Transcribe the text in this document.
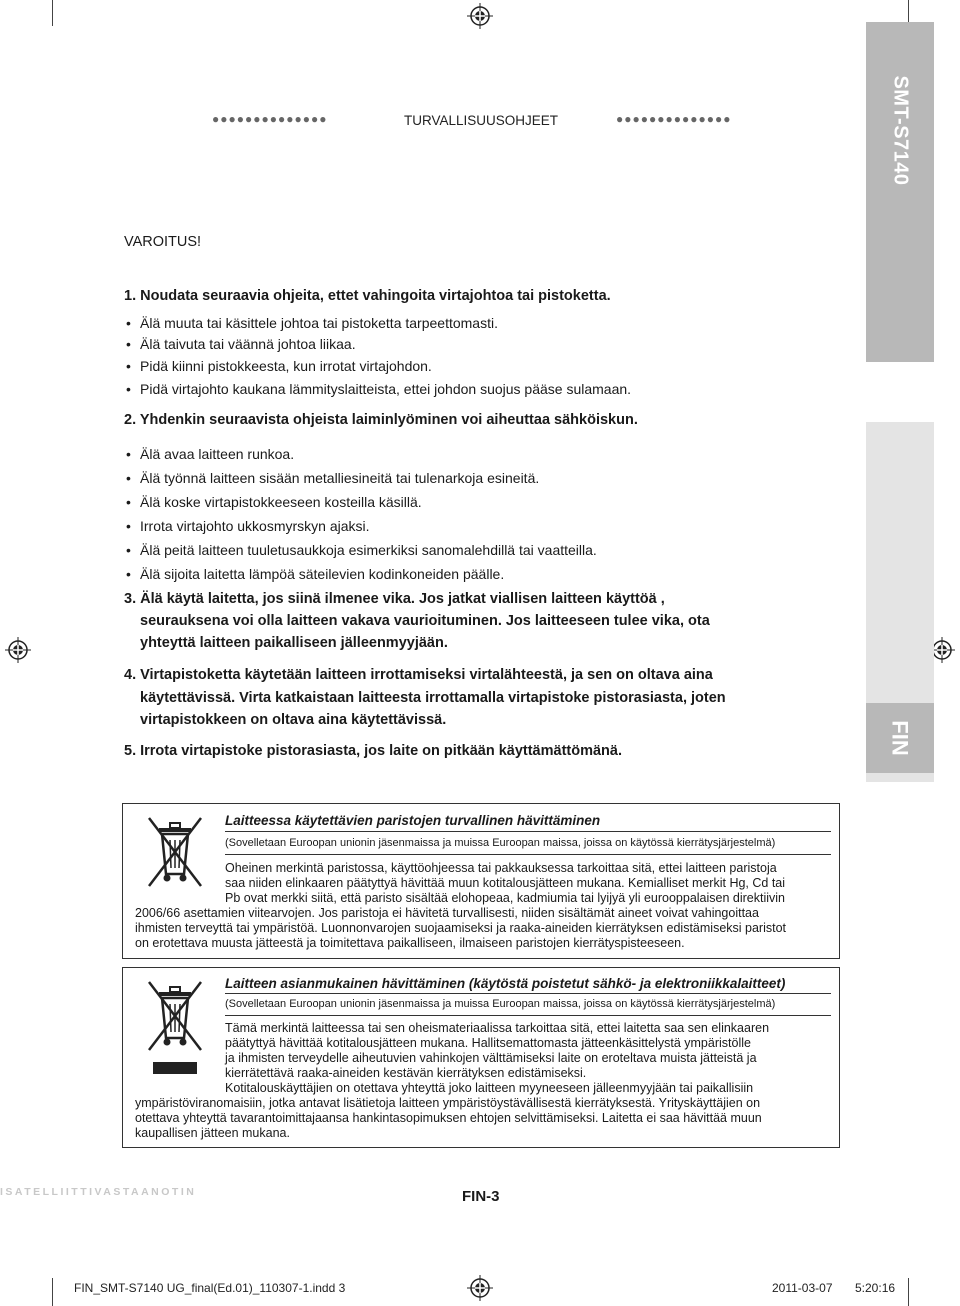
SMT-S7140
FIN
●●●●●●●●●●●●●●	TURVALLISUUSOHJEET	●●●●●●●●●●●●●●
VAROITUS!
1. Noudata seuraavia ohjeita, ettet vahingoita virtajohtoa tai pistoketta.
• Älä muuta tai käsittele johtoa tai pistoketta tarpeettomasti.
• Älä taivuta tai väännä johtoa liikaa.
• Pidä kiinni pistokkeesta, kun irrotat virtajohdon.
• Pidä virtajohto kaukana lämmityslaitteista, ettei johdon suojus pääse sulamaan.
2. Yhdenkin seuraavista ohjeista laiminlyöminen voi aiheuttaa sähköiskun.
• Älä avaa laitteen runkoa.
• Älä työnnä laitteen sisään metalliesineitä tai tulenarkoja esineitä.
• Älä koske virtapistokkeeseen kosteilla käsillä.
• Irrota virtajohto ukkosmyrskyn ajaksi.
• Älä peitä laitteen tuuletusaukkoja esimerkiksi sanomalehdillä tai vaatteilla.
• Älä sijoita laitetta lämpöä säteilevien kodinkoneiden päälle.
3. Älä käytä laitetta, jos siinä ilmenee vika. Jos jatkat viallisen laitteen käyttöä ,
seurauksena voi olla laitteen vakava vaurioituminen. Jos laitteeseen tulee vika, ota
yhteyttä laitteen paikalliseen jälleenmyyjään.
4. Virtapistoketta käytetään laitteen irrottamiseksi virtalähteestä, ja sen on oltava aina
käytettävissä. Virta katkaistaan laitteesta irrottamalla virtapistoke pistorasiasta, joten
virtapistokkeen on oltava aina käytettävissä.
5. Irrota virtapistoke pistorasiasta, jos laite on pitkään käyttämättömänä.
Laitteessa käytettävien paristojen turvallinen hävittäminen
(Sovelletaan Euroopan unionin jäsenmaissa ja muissa Euroopan maissa, joissa on käytössä kierrätysjärjestelmä)
Oheinen merkintä paristossa, käyttöohjeessa tai pakkauksessa tarkoittaa sitä, ettei laitteen paristoja
saa niiden elinkaaren päätyttyä hävittää muun kotitalousjätteen mukana. Kemialliset merkit Hg, Cd tai
Pb ovat merkki siitä, että paristo sisältää elohopeaa, kadmiumia tai lyijyä yli eurooppalaisen direktiivin
2006/66 asettamien viitearvojen. Jos paristoja ei hävitetä turvallisesti, niiden sisältämät aineet voivat vahingoittaa
ihmisten terveyttä tai ympäristöä. Luonnonvarojen suojaamiseksi ja raaka-aineiden kierrätyksen edistämiseksi paristot
on erotettava muusta jätteestä ja toimitettava paikalliseen, ilmaiseen paristojen kierrätyspisteeseen.
Laitteen asianmukainen hävittäminen (käytöstä poistetut sähkö- ja elektroniikkalaitteet)
(Sovelletaan Euroopan unionin jäsenmaissa ja muissa Euroopan maissa, joissa on käytössä kierrätysjärjestelmä)
Tämä merkintä laitteessa tai sen oheismateriaalissa tarkoittaa sitä, ettei laitetta saa sen elinkaaren
päätyttyä hävittää kotitalousjätteen mukana. Hallitsemattomasta jätteenkäsittelystä ympäristölle
ja ihmisten terveydelle aiheutuvien vahinkojen välttämiseksi laite on eroteltava muista jätteistä ja
kierrätettävä raaka-aineiden kestävän kierrätyksen edistämiseksi.
Kotitalouskäyttäjien on otettava yhteyttä joko laitteen myyneeseen jälleenmyyjään tai paikallisiin
ympäristöviranomaisiin, jotka antavat lisätietoja laitteen ympäristöystävällisestä kierrätyksestä. Yrityskäyttäjien on
otettava yhteyttä tavarantoimittajaansa hankintasopimuksen ehtojen selvittämiseksi. Laitetta ei saa hävittää muun
kaupallisen jätteen mukana.
ISATELLIITTIVASTAANOTIN	FIN-3
FIN_SMT-S7140 UG_final(Ed.01)_110307-1.indd 3	2011-03-07 5:20:16
